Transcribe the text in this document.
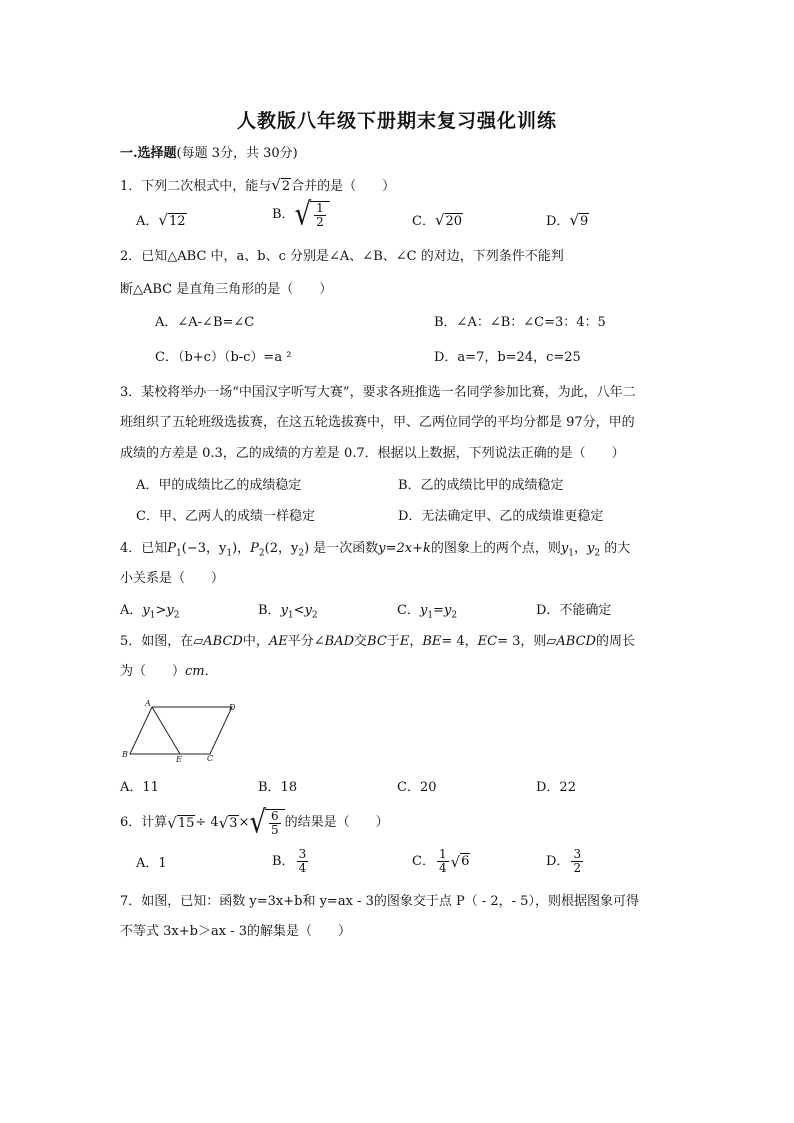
人教版八年级下册期末复习强化训练
一.选择题(每题 3分，共 30分)
1．下列二次根式中，能与√2合并的是（　　）
A．√12	B． √ $\frac{1}{2}$	C．√20	D．√9
2．已知△ABC 中，a、b、c 分别是∠A、∠B、∠C 的对边，下列条件不能判
断△ABC 是直角三角形的是（　　）
A．∠A-∠B=∠C	B．∠A：∠B：∠C=3：4：5
C．（b+c）（b-c）=a ²	D．a=7，b=24，c=25
3．某校将举办一场“中国汉字听写大赛”，要求各班推选一名同学参加比赛，为此，八年二
班组织了五轮班级选拔赛，在这五轮选拔赛中，甲、乙两位同学的平均分都是 97分，甲的
成绩的方差是 0.3，乙的成绩的方差是 0.7．根据以上数据，下列说法正确的是（　　）
A．甲的成绩比乙的成绩稳定	B．乙的成绩比甲的成绩稳定
C．甲、乙两人的成绩一样稳定	D．无法确定甲、乙的成绩谁更稳定
4．已知$P_1(-3$，$y_1$)，$P_2(2$，$y_2$) 是一次函数y=2x+k的图象上的两个点，则$y_1$，$y_2$ 的大
小关系是（　　）
A．$y_1>y_2$	B．$y_1<y_2$	C．$y_1=y_2$	D．不能确定
5．如图，在▱ABCD中，AE平分∠BAD交BC于E，BE= 4，EC= 3，则▱ABCD的周长
为（　　）cm．
A
B	C
D
E
A．11	B．18	C．20	D．22
6．计算 √ 15 ÷ 4 √ 3 × √ $\frac{6}{5}$ 的结果是（　　）
A．1	B． $\frac{3}{4}$	C． $\frac{1}{4}$ √ 6	D． $\frac{3}{2}$
7．如图，已知：函数 y=3x+b和 y=ax - 3的图象交于点 P（ - 2，- 5），则根据图象可得
不等式 3x+b＞ax - 3的解集是（　　）
